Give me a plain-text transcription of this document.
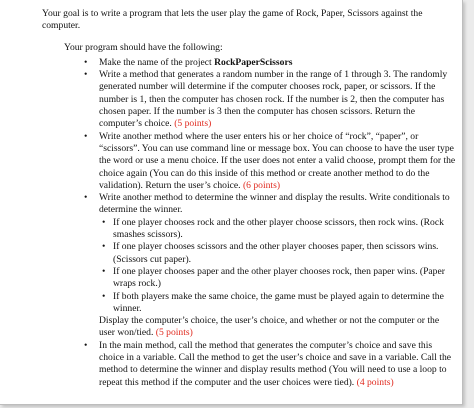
Your goal is to write a program that lets the user play the game of Rock, Paper, Scissors against the computer.

Your program should have the following:

• Make the name of the project RockPaperScissors
• Write a method that generates a random number in the range of 1 through 3. The randomly generated number will determine if the computer chooses rock, paper, or scissors. If the number is 1, then the computer has chosen rock. If the number is 2, then the computer has chosen paper. If the number is 3 then the computer has chosen scissors. Return the computer’s choice. (5 points)
• Write another method where the user enters his or her choice of “rock”, “paper”, or “scissors”. You can use command line or message box. You can choose to have the user type the word or use a menu choice. If the user does not enter a valid choose, prompt them for the choice again (You can do this inside of this method or create another method to do the validation). Return the user’s choice. (6 points)
• Write another method to determine the winner and display the results. Write conditionals to determine the winner.
• If one player chooses rock and the other player choose scissors, then rock wins. (Rock smashes scissors).
• If one player chooses scissors and the other player chooses paper, then scissors wins. (Scissors cut paper).
• If one player chooses paper and the other player chooses rock, then paper wins. (Paper wraps rock.)
• If both players make the same choice, the game must be played again to determine the winner.
Display the computer’s choice, the user’s choice, and whether or not the computer or the user won/tied. (5 points)
• In the main method, call the method that generates the computer’s choice and save this choice in a variable. Call the method to get the user’s choice and save in a variable. Call the method to determine the winner and display results method (You will need to use a loop to repeat this method if the computer and the user choices were tied). (4 points)
